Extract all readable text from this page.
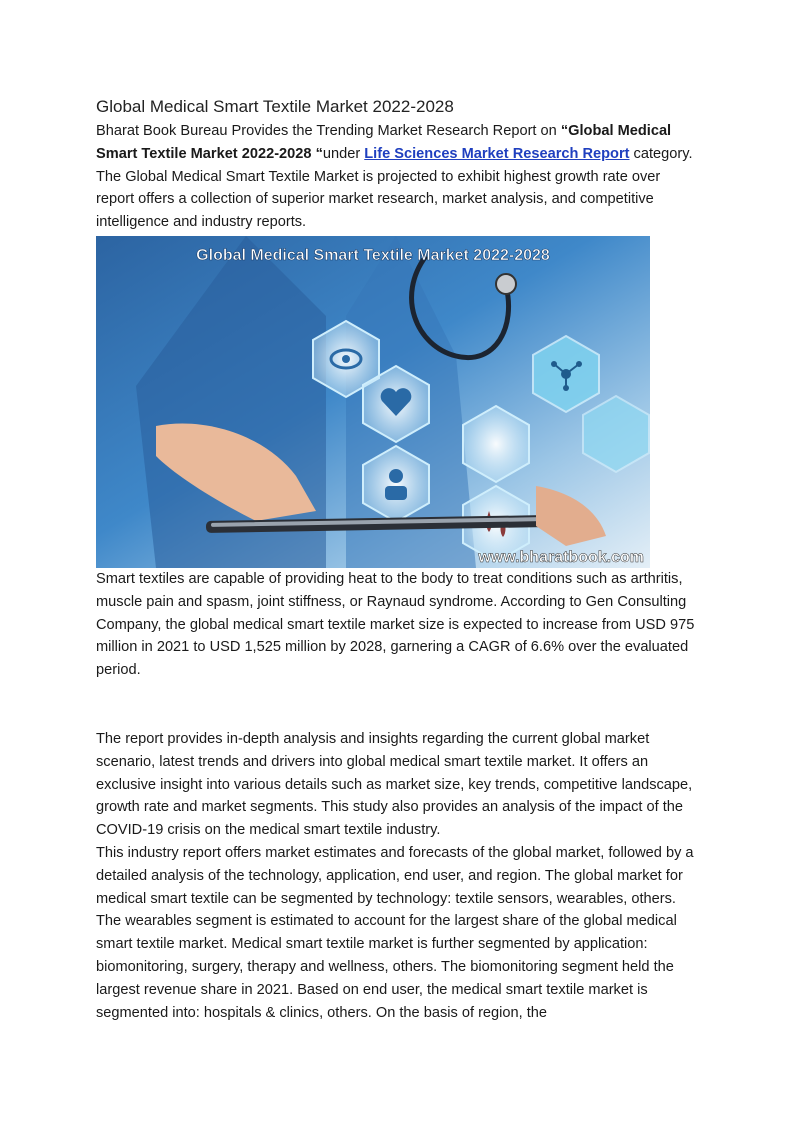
Global Medical Smart Textile Market 2022-2028

Bharat Book Bureau Provides the Trending Market Research Report on “Global Medical Smart Textile Market 2022-2028 “under Life Sciences Market Research Report category. The Global Medical Smart Textile Market is projected to exhibit highest growth rate over report offers a collection of superior market research, market analysis, and competitive intelligence and industry reports.

Global Medical Smart Textile Market 2022-2028
www.bharatbook.com

Smart textiles are capable of providing heat to the body to treat conditions such as arthritis, muscle pain and spasm, joint stiffness, or Raynaud syndrome. According to Gen Consulting Company, the global medical smart textile market size is expected to increase from USD 975 million in 2021 to USD 1,525 million by 2028, garnering a CAGR of 6.6% over the evaluated period.

The report provides in-depth analysis and insights regarding the current global market scenario, latest trends and drivers into global medical smart textile market. It offers an exclusive insight into various details such as market size, key trends, competitive landscape, growth rate and market segments. This study also provides an analysis of the impact of the COVID-19 crisis on the medical smart textile industry.

This industry report offers market estimates and forecasts of the global market, followed by a detailed analysis of the technology, application, end user, and region. The global market for medical smart textile can be segmented by technology: textile sensors, wearables, others. The wearables segment is estimated to account for the largest share of the global medical smart textile market. Medical smart textile market is further segmented by application: biomonitoring, surgery, therapy and wellness, others. The biomonitoring segment held the largest revenue share in 2021. Based on end user, the medical smart textile market is segmented into: hospitals & clinics, others. On the basis of region, the
